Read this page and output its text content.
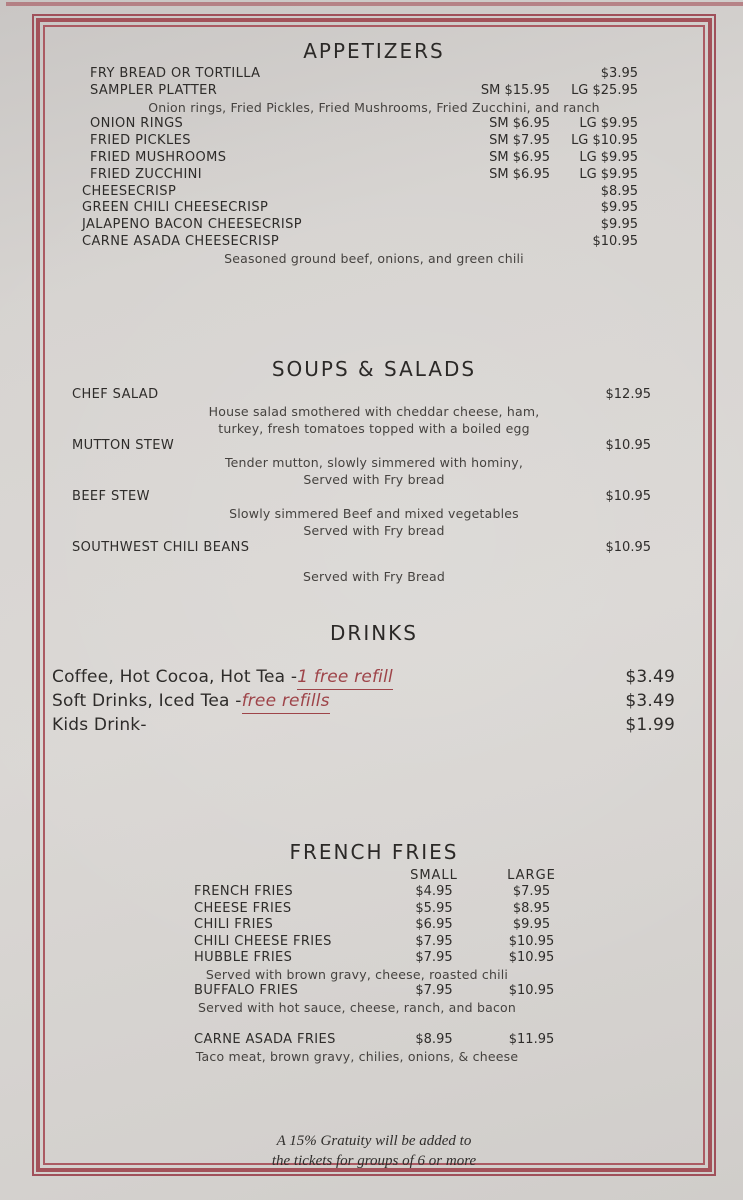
APPETIZERS
FRY BREAD OR TORTILLA	$3.95
SAMPLER PLATTER	SM $15.95	LG $25.95
Onion rings, Fried Pickles, Fried Mushrooms, Fried Zucchini, and ranch
ONION RINGS	SM $6.95	LG $9.95
FRIED PICKLES	SM $7.95	LG $10.95
FRIED MUSHROOMS	SM $6.95	LG $9.95
FRIED ZUCCHINI	SM $6.95	LG $9.95
CHEESECRISP	$8.95
GREEN CHILI CHEESECRISP	$9.95
JALAPENO BACON CHEESECRISP	$9.95
CARNE ASADA CHEESECRISP	$10.95
Seasoned ground beef, onions, and green chili
SOUPS & SALADS
CHEF SALAD	$12.95
House salad smothered with cheddar cheese, ham,
turkey, fresh tomatoes topped with a boiled egg
MUTTON STEW	$10.95
Tender mutton, slowly simmered with hominy,
Served with Fry bread
BEEF STEW	$10.95
Slowly simmered Beef and mixed vegetables
Served with Fry bread
SOUTHWEST CHILI BEANS	$10.95
Served with Fry Bread
DRINKS
Coffee, Hot Cocoa, Hot Tea - 1 free refill	$3.49
Soft Drinks, Iced Tea - free refills	$3.49
Kids Drink-	$1.99
FRENCH FRIES
SMALL	LARGE
FRENCH FRIES	$4.95	$7.95
CHEESE FRIES	$5.95	$8.95
CHILI FRIES	$6.95	$9.95
CHILI CHEESE FRIES	$7.95	$10.95
HUBBLE FRIES	$7.95	$10.95
Served with brown gravy, cheese, roasted chili
BUFFALO FRIES	$7.95	$10.95
Served with hot sauce, cheese, ranch, and bacon
CARNE ASADA FRIES	$8.95	$11.95
Taco meat, brown gravy, chilies, onions, & cheese
A 15% Gratuity will be added to
the tickets for groups of 6 or more
